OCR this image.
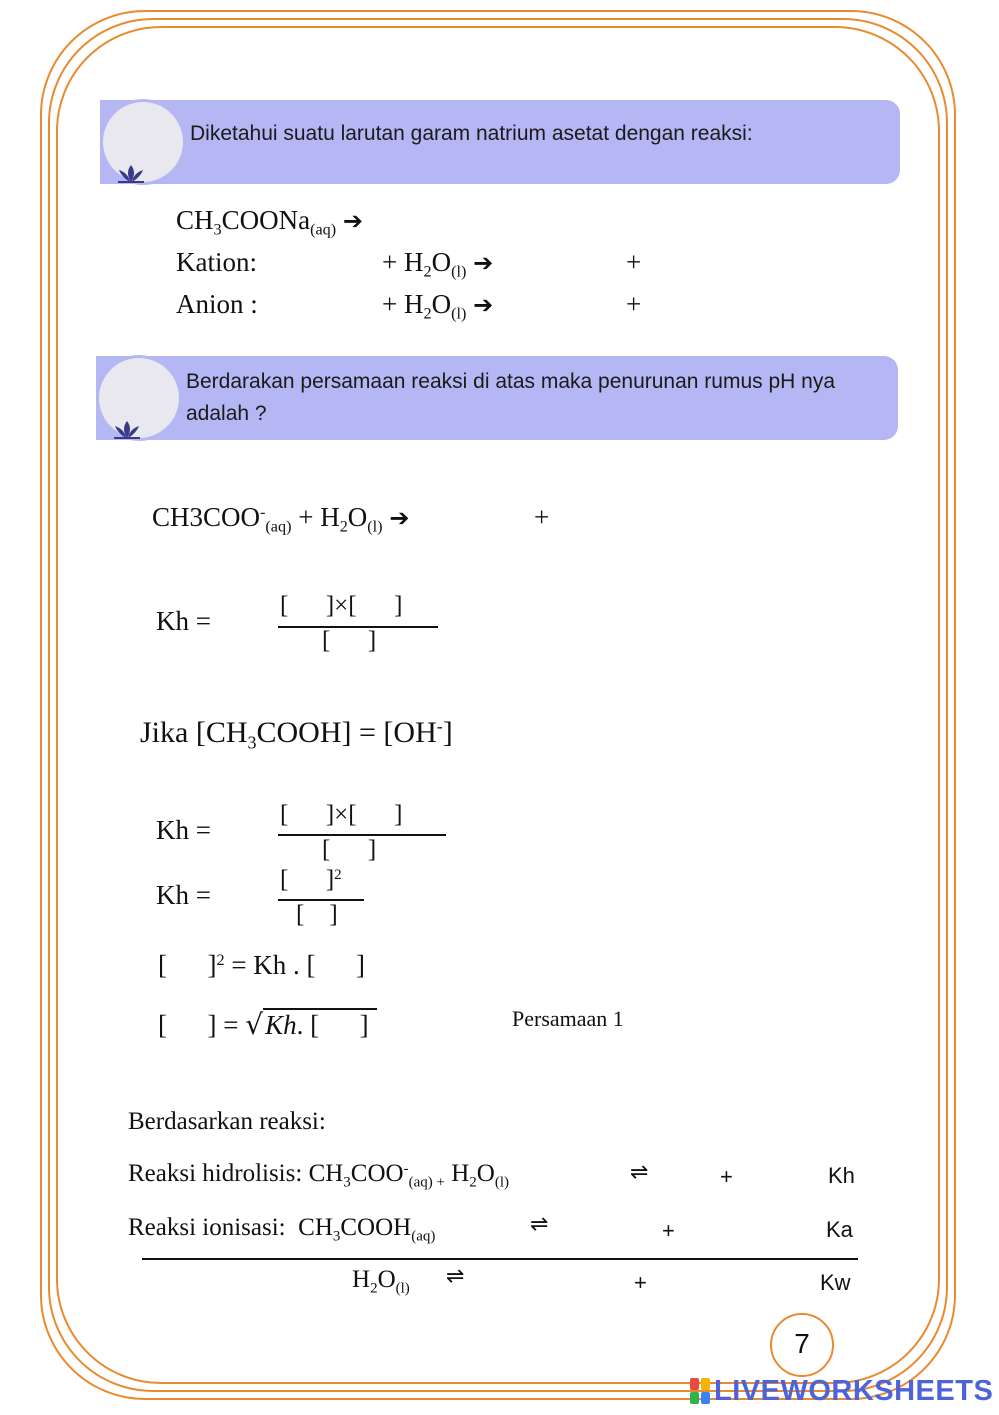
Diketahui suatu larutan garam natrium asetat dengan reaksi:
$CH_3COONa_{(aq)}$ ➔
Kation:	+ $H_2O_{(l)}$ ➔	+
Anion :	+ $H_2O_{(l)}$ ➔	+
Berdarakan persamaan reaksi di atas maka penurunan rumus pH nya adalah ?
$CH3COO^-_{(aq)} + H_2O_{(l)}$ ➔	+
Kh =
[      ]×[      ]
[      ]
Jika $[CH_3COOH] = [OH^-]$
Kh =
[      ]×[      ]
[      ]
Kh =
[      ]$^2$
[    ]
[      ]$^2$ = Kh . [      ]
[      ] = √Kh. [      ]	Persamaan 1
Berdasarkan reaksi:
Reaksi hidrolisis: $CH_3COO^-_{(aq) +}$ $H_2O_{(l)}$	⇌	+	Kh
Reaksi ionisasi:  $CH_3COOH_{(aq)}$	⇌	+	Ka
$H_2O_{(l)}$ ⇌	+	Kw
7
LIVEWORKSHEETS
